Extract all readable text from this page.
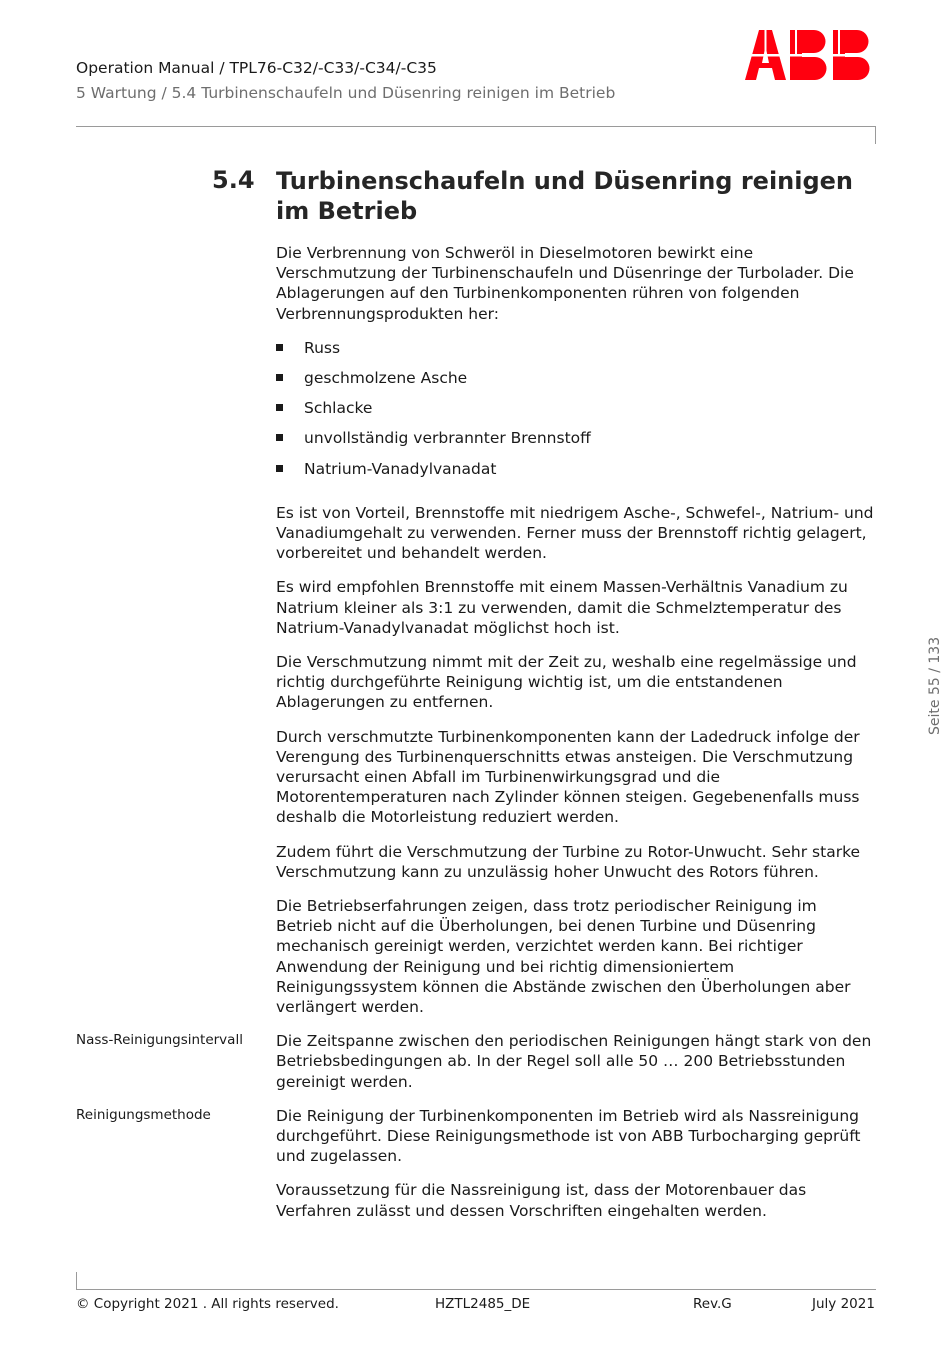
Operation Manual / TPL76-C32/-C33/-C34/-C35
5 Wartung / 5.4 Turbinenschaufeln und Düsenring reinigen im Betrieb
5.4 Turbinenschaufeln und Düsenring reinigen im Betrieb

Die Verbrennung von Schweröl in Dieselmotoren bewirkt eine Verschmutzung der Turbinenschaufeln und Düsenringe der Turbolader. Die Ablagerungen auf den Turbinenkomponenten rühren von folgenden Verbrennungsprodukten her:

Russ
geschmolzene Asche
Schlacke
unvollständig verbrannter Brennstoff
Natrium-Vanadylvanadat

Es ist von Vorteil, Brennstoffe mit niedrigem Asche-, Schwefel-, Natrium- und Vanadiumgehalt zu verwenden. Ferner muss der Brennstoff richtig gelagert, vorbereitet und behandelt werden.

Es wird empfohlen Brennstoffe mit einem Massen-Verhältnis Vanadium zu Natrium kleiner als 3:1 zu verwenden, damit die Schmelztemperatur des Natrium-Vanadylvanadat möglichst hoch ist.

Die Verschmutzung nimmt mit der Zeit zu, weshalb eine regelmässige und richtig durchgeführte Reinigung wichtig ist, um die entstandenen Ablagerungen zu entfernen.

Durch verschmutzte Turbinenkomponenten kann der Ladedruck infolge der Verengung des Turbinenquerschnitts etwas ansteigen. Die Verschmutzung verursacht einen Abfall im Turbinenwirkungsgrad und die Motorentemperaturen nach Zylinder können steigen. Gegebenenfalls muss deshalb die Motorleistung reduziert werden.

Zudem führt die Verschmutzung der Turbine zu Rotor-Unwucht. Sehr starke Verschmutzung kann zu unzulässig hoher Unwucht des Rotors führen.

Die Betriebserfahrungen zeigen, dass trotz periodischer Reinigung im Betrieb nicht auf die Überholungen, bei denen Turbine und Düsenring mechanisch gereinigt werden, verzichtet werden kann. Bei richtiger Anwendung der Reinigung und bei richtig dimensioniertem Reinigungssystem können die Abstände zwischen den Überholungen aber verlängert werden.

Die Zeitspanne zwischen den periodischen Reinigungen hängt stark von den Betriebsbedingungen ab. In der Regel soll alle 50 … 200 Betriebsstunden gereinigt werden.

Die Reinigung der Turbinenkomponenten im Betrieb wird als Nassreinigung durchgeführt. Diese Reinigungsmethode ist von ABB Turbocharging geprüft und zugelassen.

Voraussetzung für die Nassreinigung ist, dass der Motorenbauer das Verfahren zulässt und dessen Vorschriften eingehalten werden.

Nass-Reinigungsintervall
Reinigungsmethode
Seite 55 / 133
© Copyright 2021 . All rights reserved.	HZTL2485_DE	Rev.G	July 2021
